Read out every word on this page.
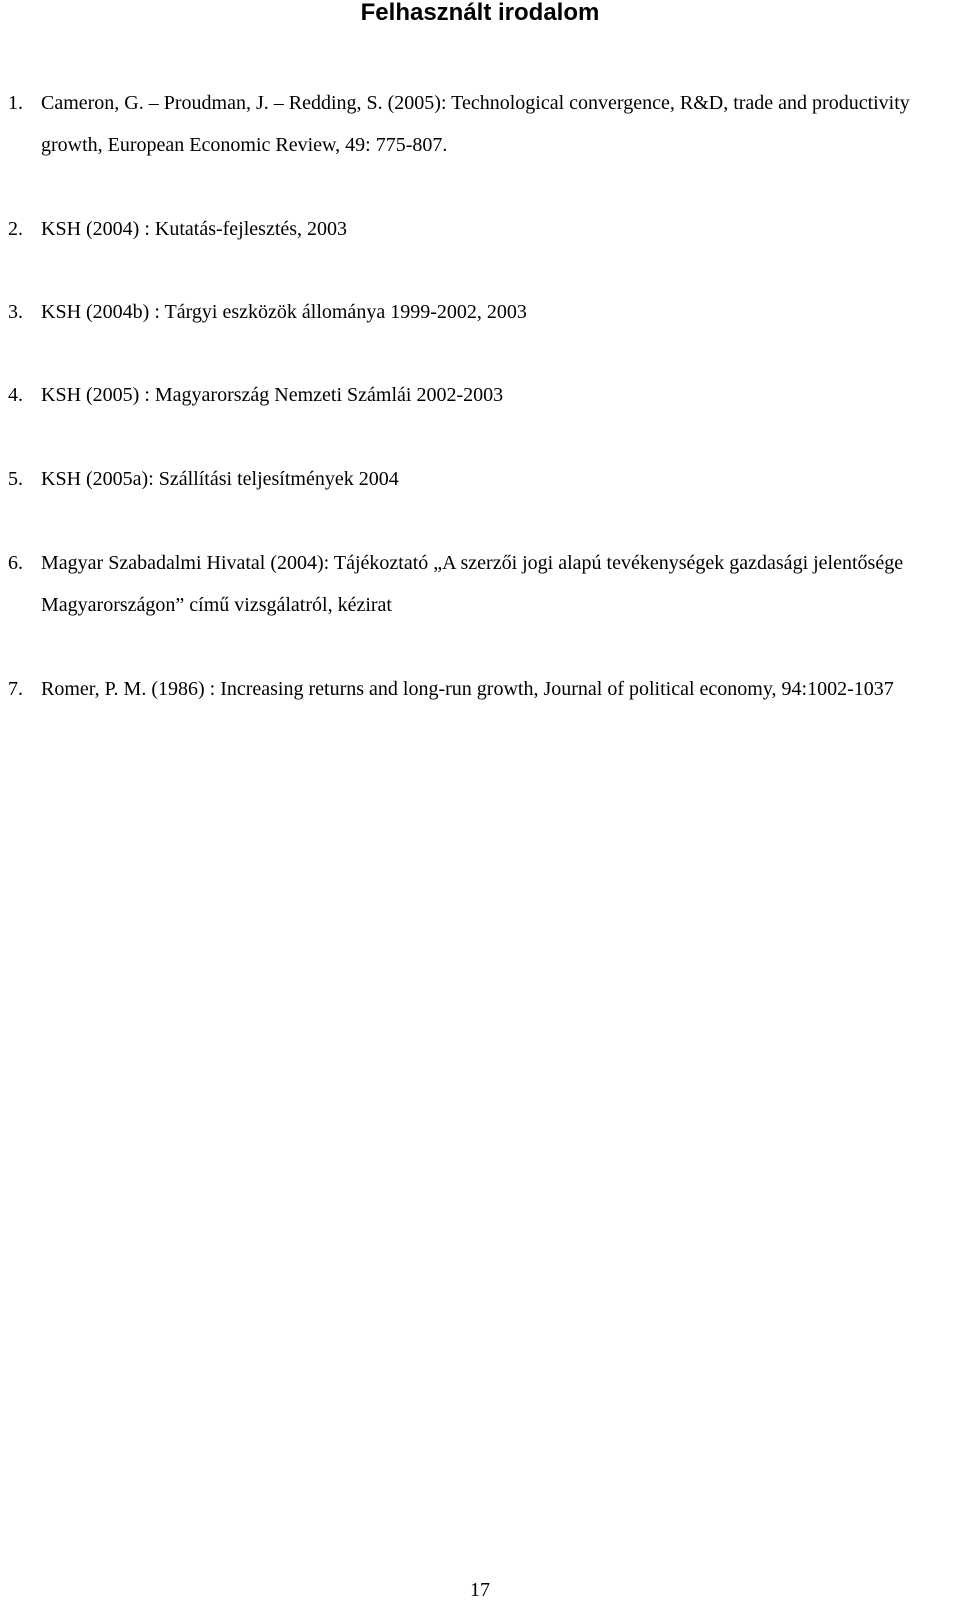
Felhasznált irodalom
1. Cameron, G. – Proudman, J. – Redding, S. (2005): Technological convergence, R&D, trade and productivity growth, European Economic Review, 49: 775-807.
2. KSH (2004) : Kutatás-fejlesztés, 2003
3. KSH (2004b) : Tárgyi eszközök állománya 1999-2002, 2003
4. KSH (2005) : Magyarország Nemzeti Számlái 2002-2003
5. KSH (2005a): Szállítási teljesítmények 2004
6. Magyar Szabadalmi Hivatal (2004): Tájékoztató „A szerzői jogi alapú tevékenységek gazdasági jelentősége Magyarországon” című vizsgálatról, kézirat
7. Romer, P. M. (1986) : Increasing returns and long-run growth, Journal of political economy, 94:1002-1037
17
